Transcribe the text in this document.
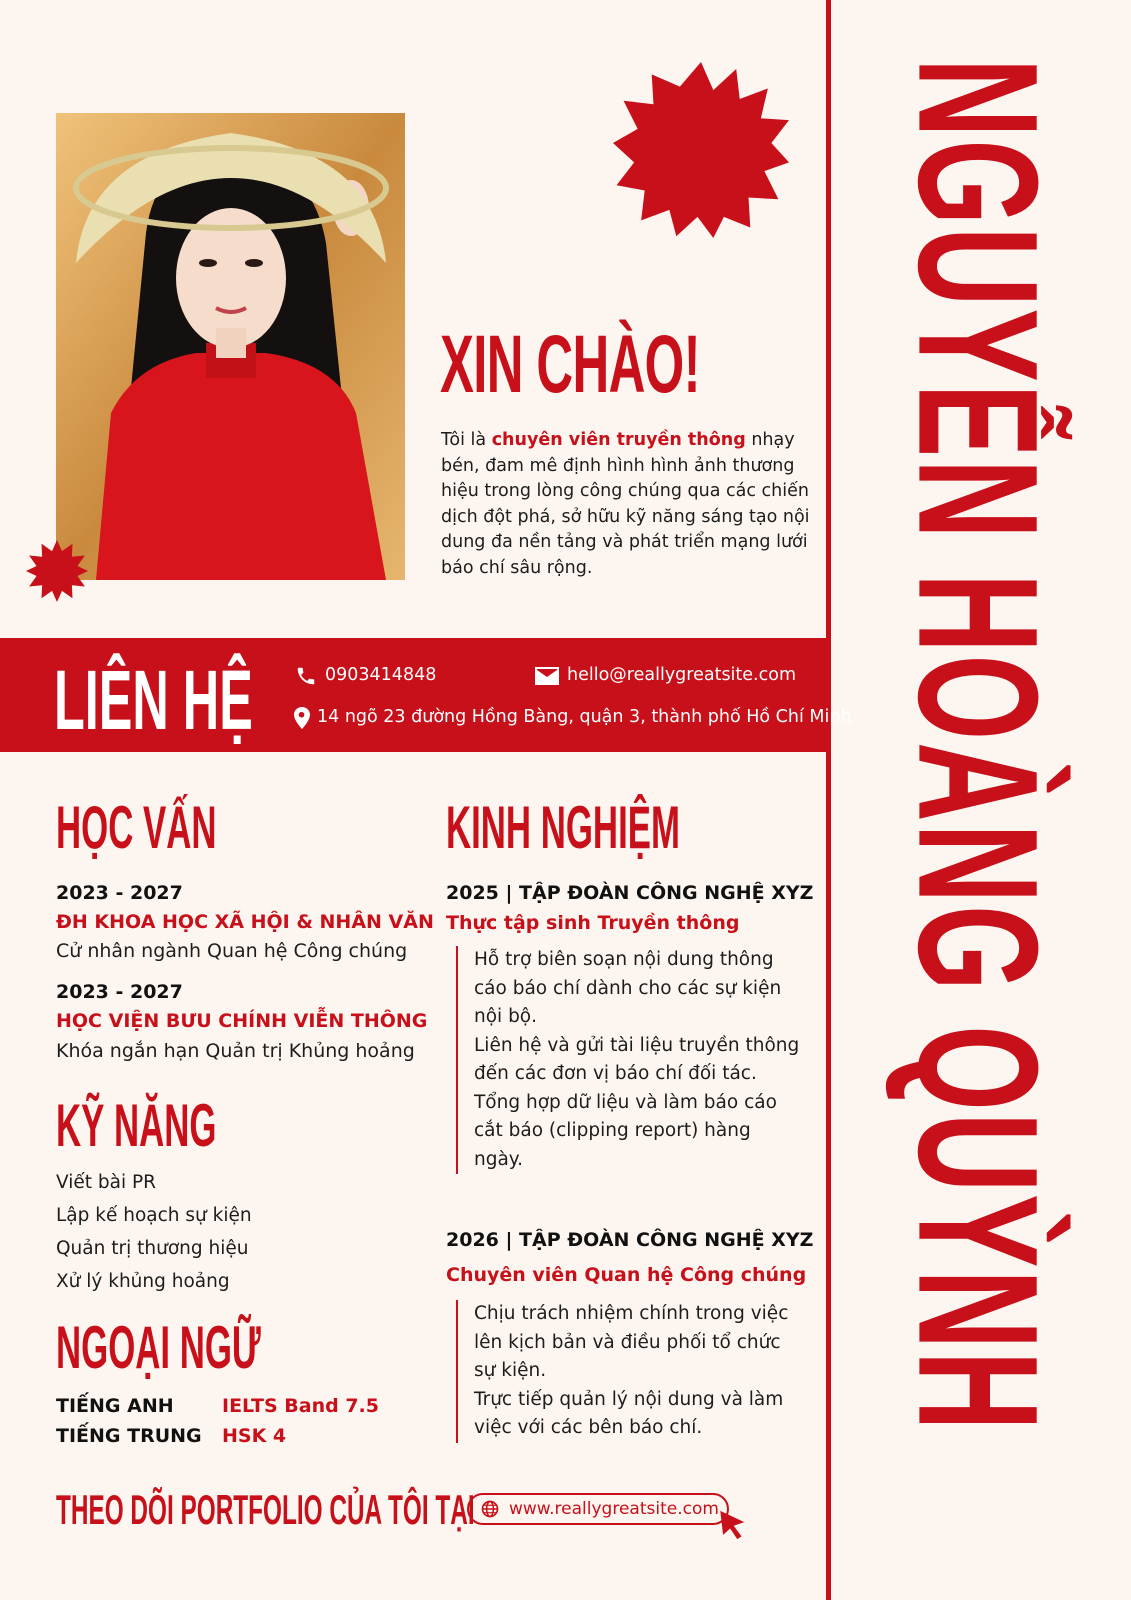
XIN CHÀO!
Tôi là chuyên viên truyền thông nhạy bén, đam mê định hình hình ảnh thương hiệu trong lòng công chúng qua các chiến dịch đột phá, sở hữu kỹ năng sáng tạo nội dung đa nền tảng và phát triển mạng lưới báo chí sâu rộng.
LIÊN HỆ	0903414848	hello@reallygreatsite.com
14 ngõ 23 đường Hồng Bàng, quận 3, thành phố Hồ Chí Minh
HỌC VẤN
2023 - 2027
ĐH KHOA HỌC XÃ HỘI & NHÂN VĂN
Cử nhân ngành Quan hệ Công chúng
2023 - 2027
HỌC VIỆN BƯU CHÍNH VIỄN THÔNG
Khóa ngắn hạn Quản trị Khủng hoảng
KỸ NĂNG
Viết bài PR
Lập kế hoạch sự kiện
Quản trị thương hiệu
Xử lý khủng hoảng
NGOẠI NGỮ
TIẾNG ANH	IELTS Band 7.5
TIẾNG TRUNG HSK 4
KINH NGHIỆM
2025 | TẬP ĐOÀN CÔNG NGHỆ XYZ
Thực tập sinh Truyền thông
Hỗ trợ biên soạn nội dung thông cáo báo chí dành cho các sự kiện nội bộ.
Liên hệ và gửi tài liệu truyền thông đến các đơn vị báo chí đối tác.
Tổng hợp dữ liệu và làm báo cáo cắt báo (clipping report) hàng ngày.
2026 | TẬP ĐOÀN CÔNG NGHỆ XYZ
Chuyên viên Quan hệ Công chúng
Chịu trách nhiệm chính trong việc lên kịch bản và điều phối tổ chức sự kiện.
Trực tiếp quản lý nội dung và làm việc với các bên báo chí.
THEO DÕI PORTFOLIO CỦA TÔI TẠI www.reallygreatsite.com
NGUYỄN HOÀNG QUỲNH
